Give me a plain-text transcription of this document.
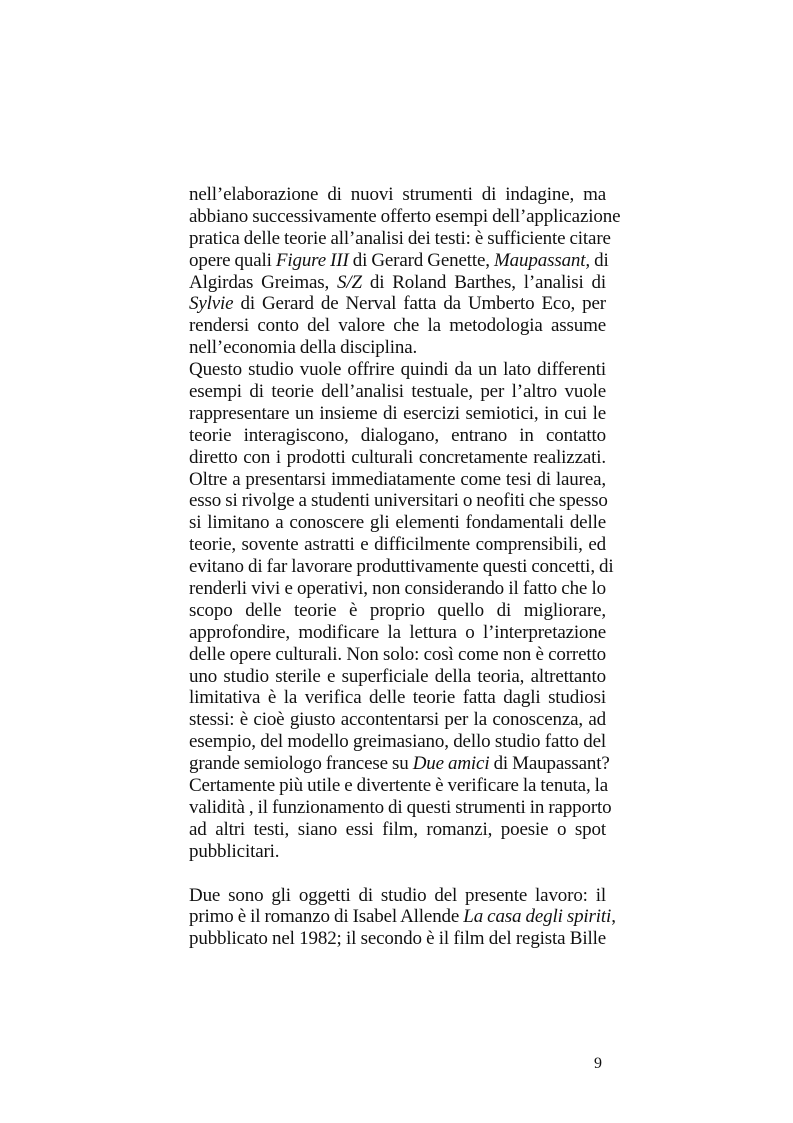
nell’elaborazione di nuovi strumenti di indagine, ma
abbiano successivamente offerto esempi dell’applicazione
pratica delle teorie all’analisi dei testi: è sufficiente citare
opere quali Figure III di Gerard Genette, Maupassant, di
Algirdas Greimas, S/Z di Roland Barthes, l’analisi di
Sylvie di Gerard de Nerval fatta da Umberto Eco, per
rendersi conto del valore che la metodologia assume
nell’economia della disciplina.
Questo studio vuole offrire quindi da un lato differenti
esempi di teorie dell’analisi testuale, per l’altro vuole
rappresentare un insieme di esercizi semiotici, in cui le
teorie interagiscono, dialogano, entrano in contatto
diretto con i prodotti culturali concretamente realizzati.
Oltre a presentarsi immediatamente come tesi di laurea,
esso si rivolge a studenti universitari o neofiti che spesso
si limitano a conoscere gli elementi fondamentali delle
teorie, sovente astratti e difficilmente comprensibili, ed
evitano di far lavorare produttivamente questi concetti, di
renderli vivi e operativi, non considerando il fatto che lo
scopo delle teorie è proprio quello di migliorare,
approfondire, modificare la lettura o l’interpretazione
delle opere culturali. Non solo: così come non è corretto
uno studio sterile e superficiale della teoria, altrettanto
limitativa è la verifica delle teorie fatta dagli studiosi
stessi: è cioè giusto accontentarsi per la conoscenza, ad
esempio, del modello greimasiano, dello studio fatto del
grande semiologo francese su Due amici di Maupassant?
Certamente più utile e divertente è verificare la tenuta, la
validità , il funzionamento di questi strumenti in rapporto
ad altri testi, siano essi film, romanzi, poesie o spot
pubblicitari.
Due sono gli oggetti di studio del presente lavoro: il
primo è il romanzo di Isabel Allende La casa degli spiriti,
pubblicato nel 1982; il secondo è il film del regista Bille
9
